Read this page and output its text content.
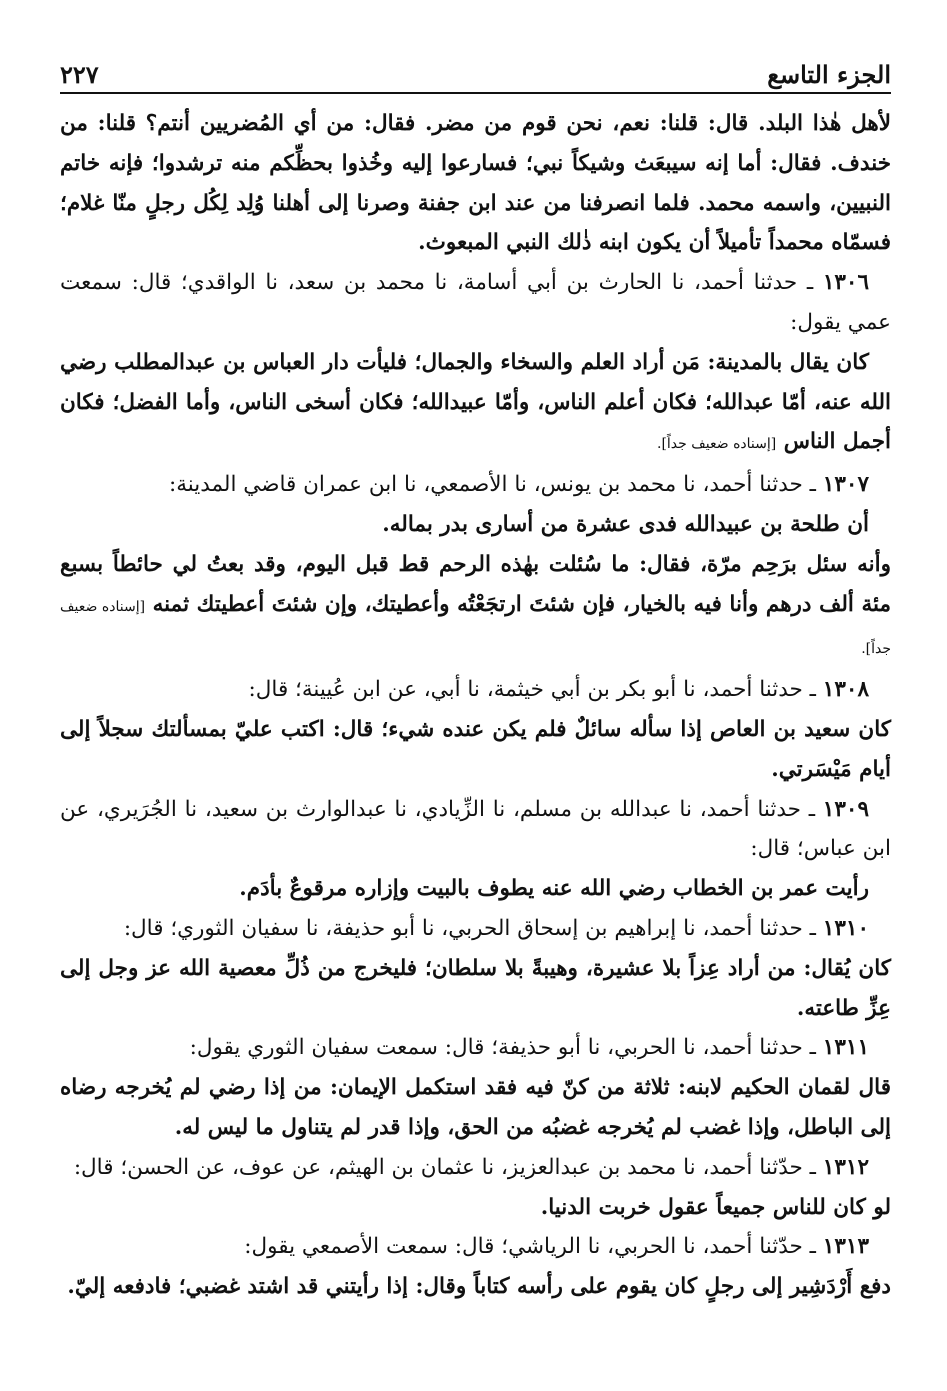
الجزء التاسع
٢٢٧

لأهل هٰذا البلد. قال: قلنا: نعم، نحن قوم من مضر. فقال: من أي المُضريين أنتم؟ قلنا: من خندف. فقال: أما إنه سيبعَث وشيكاً نبي؛ فسارعوا إليه وخُذوا بحظِّكم منه ترشدوا؛ فإنه خاتم النبيين، واسمه محمد. فلما انصرفنا من عند ابن جفنة وصرنا إلى أهلنا وُلِد لِكُل رجلٍ منّا غلام؛ فسمّاه محمداً تأميلاً أن يكون ابنه ذٰلك النبي المبعوث.

١٣٠٦ ـ حدثنا أحمد، نا الحارث بن أبي أسامة، نا محمد بن سعد، نا الواقدي؛ قال: سمعت عمي يقول:

كان يقال بالمدينة: مَن أراد العلم والسخاء والجمال؛ فليأت دار العباس بن عبدالمطلب رضي الله عنه، أمّا عبدالله؛ فكان أعلم الناس، وأمّا عبيدالله؛ فكان أسخى الناس، وأما الفضل؛ فكان أجمل الناس [إسناده ضعيف جداً].

١٣٠٧ ـ حدثنا أحمد، نا محمد بن يونس، نا الأصمعي، نا ابن عمران قاضي المدينة:

أن طلحة بن عبيدالله فدى عشرة من أسارى بدر بماله.

وأنه سئل برَحِم مرّة، فقال: ما سُئلت بهٰذه الرحم قط قبل اليوم، وقد بعتُ لي حائطاً بسبع مئة ألف درهم وأنا فيه بالخيار، فإن شئتَ ارتجَعْتُه وأعطيتك، وإن شئتَ أعطيتك ثمنه [إسناده ضعيف جداً].

١٣٠٨ ـ حدثنا أحمد، نا أبو بكر بن أبي خيثمة، نا أبي، عن ابن عُيينة؛ قال:

كان سعيد بن العاص إذا سأله سائلٌ فلم يكن عنده شيء؛ قال: اكتب عليّ بمسألتك سجلاً إلى أيام مَيْسَرتي.

١٣٠٩ ـ حدثنا أحمد، نا عبدالله بن مسلم، نا الزِّيادي، نا عبدالوارث بن سعيد، نا الجُرَيري، عن ابن عباس؛ قال:

رأيت عمر بن الخطاب رضي الله عنه يطوف بالبيت وإزاره مرقوعٌ بأدَم.

١٣١٠ ـ حدثنا أحمد، نا إبراهيم بن إسحاق الحربي، نا أبو حذيفة، نا سفيان الثوري؛ قال:

كان يُقال: من أراد عِزاً بلا عشيرة، وهيبةً بلا سلطان؛ فليخرج من ذُلِّ معصية الله عز وجل إلى عِزِّ طاعته.

١٣١١ ـ حدثنا أحمد، نا الحربي، نا أبو حذيفة؛ قال: سمعت سفيان الثوري يقول:

قال لقمان الحكيم لابنه: ثلاثة من كنّ فيه فقد استكمل الإيمان: من إذا رضي لم يُخرجه رضاه إلى الباطل، وإذا غضب لم يُخرجه غضبُه من الحق، وإذا قدر لم يتناول ما ليس له.

١٣١٢ ـ حدّثنا أحمد، نا محمد بن عبدالعزيز، نا عثمان بن الهيثم، عن عوف، عن الحسن؛ قال:

لو كان للناس جميعاً عقول خربت الدنيا.

١٣١٣ ـ حدّثنا أحمد، نا الحربي، نا الرياشي؛ قال: سمعت الأصمعي يقول:

دفع أَرْدَشِير إلى رجلٍ كان يقوم على رأسه كتاباً وقال: إذا رأيتني قد اشتد غضبي؛ فادفعه إليّ.
